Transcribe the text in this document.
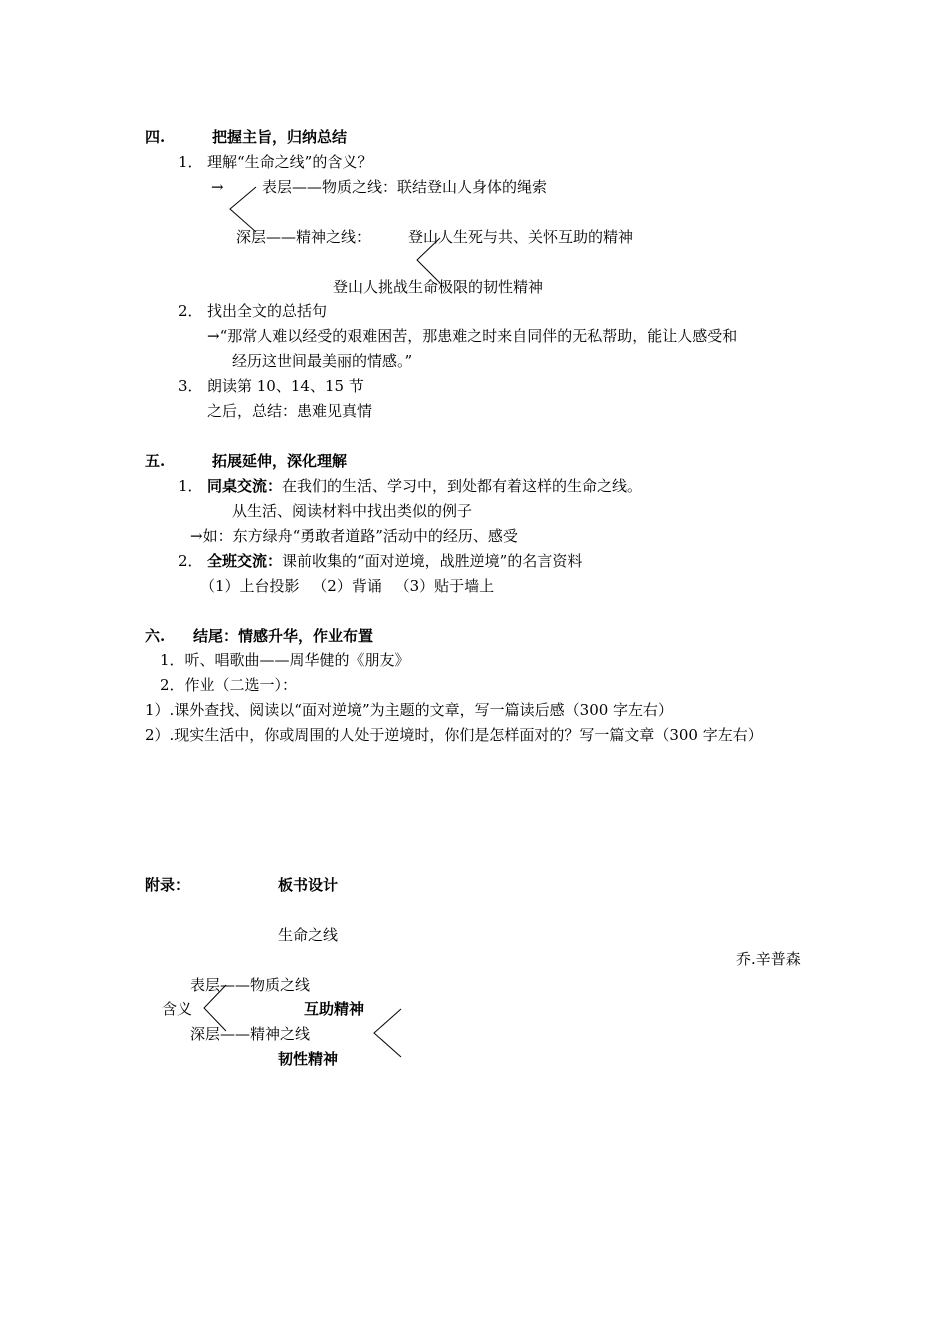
四.	把握主旨，归纳总结
1． 理解“生命之线”的含义？
→	表层——物质之线：联结登山人身体的绳索
深层——精神之线： 登山人生死与共、关怀互助的精神
登山人挑战生命极限的韧性精神
2． 找出全文的总括句
→“那常人难以经受的艰难困苦，那患难之时来自同伴的无私帮助，能让人感受和
经历这世间最美丽的情感。”
3． 朗读第 10、14、15 节
之后，总结：患难见真情
五.	拓展延伸，深化理解
1． 同桌交流：在我们的生活、学习中，到处都有着这样的生命之线。
从生活、阅读材料中找出类似的例子
→如：东方绿舟“勇敢者道路”活动中的经历、感受
2． 全班交流：课前收集的“面对逆境，战胜逆境”的名言资料
（1）上台投影 （2）背诵 （3）贴于墙上
六. 结尾：情感升华，作业布置
1．听、唱歌曲——周华健的《朋友》
2．作业（二选一）：
1）.课外查找、阅读以“面对逆境”为主题的文章，写一篇读后感（300 字左右）
2）.现实生活中，你或周围的人处于逆境时，你们是怎样面对的？写一篇文章（300 字左右）
附录：	板书设计
生命之线
乔.辛普森
表层——物质之线
含义	互助精神
深层——精神之线
韧性精神
